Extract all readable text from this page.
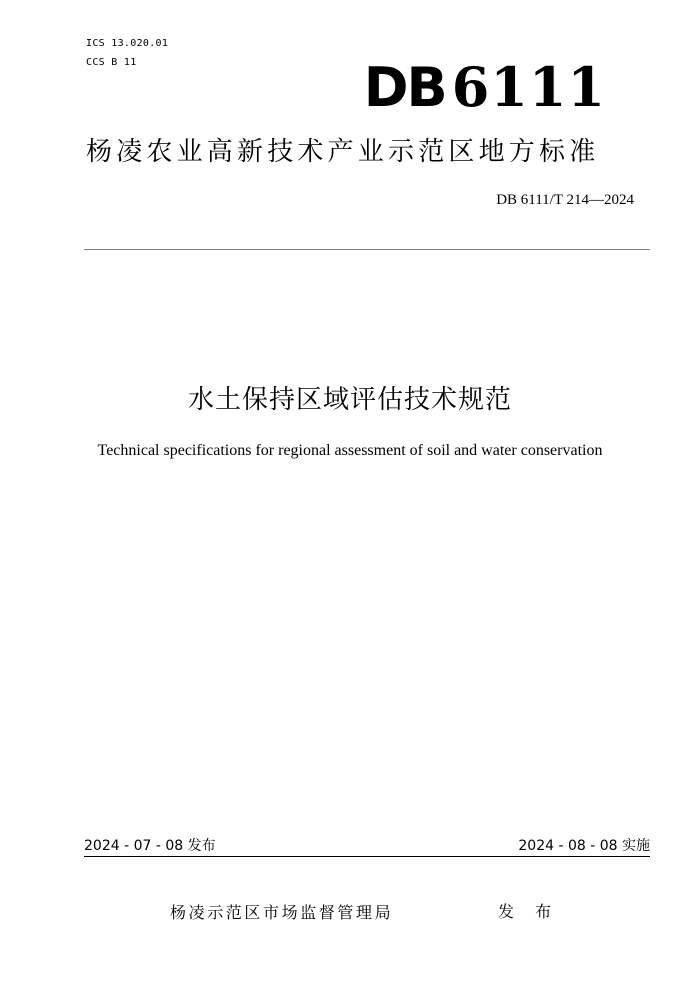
ICS 13.020.01
CCS B 11	DB 6111
杨凌农业高新技术产业示范区地方标准
DB 6111/T 214—2024
水土保持区域评估技术规范
Technical specifications for regional assessment of soil and water conservation
2024 - 07 - 08 发布	2024 - 08 - 08 实施
杨凌示范区市场监督管理局	发 布
